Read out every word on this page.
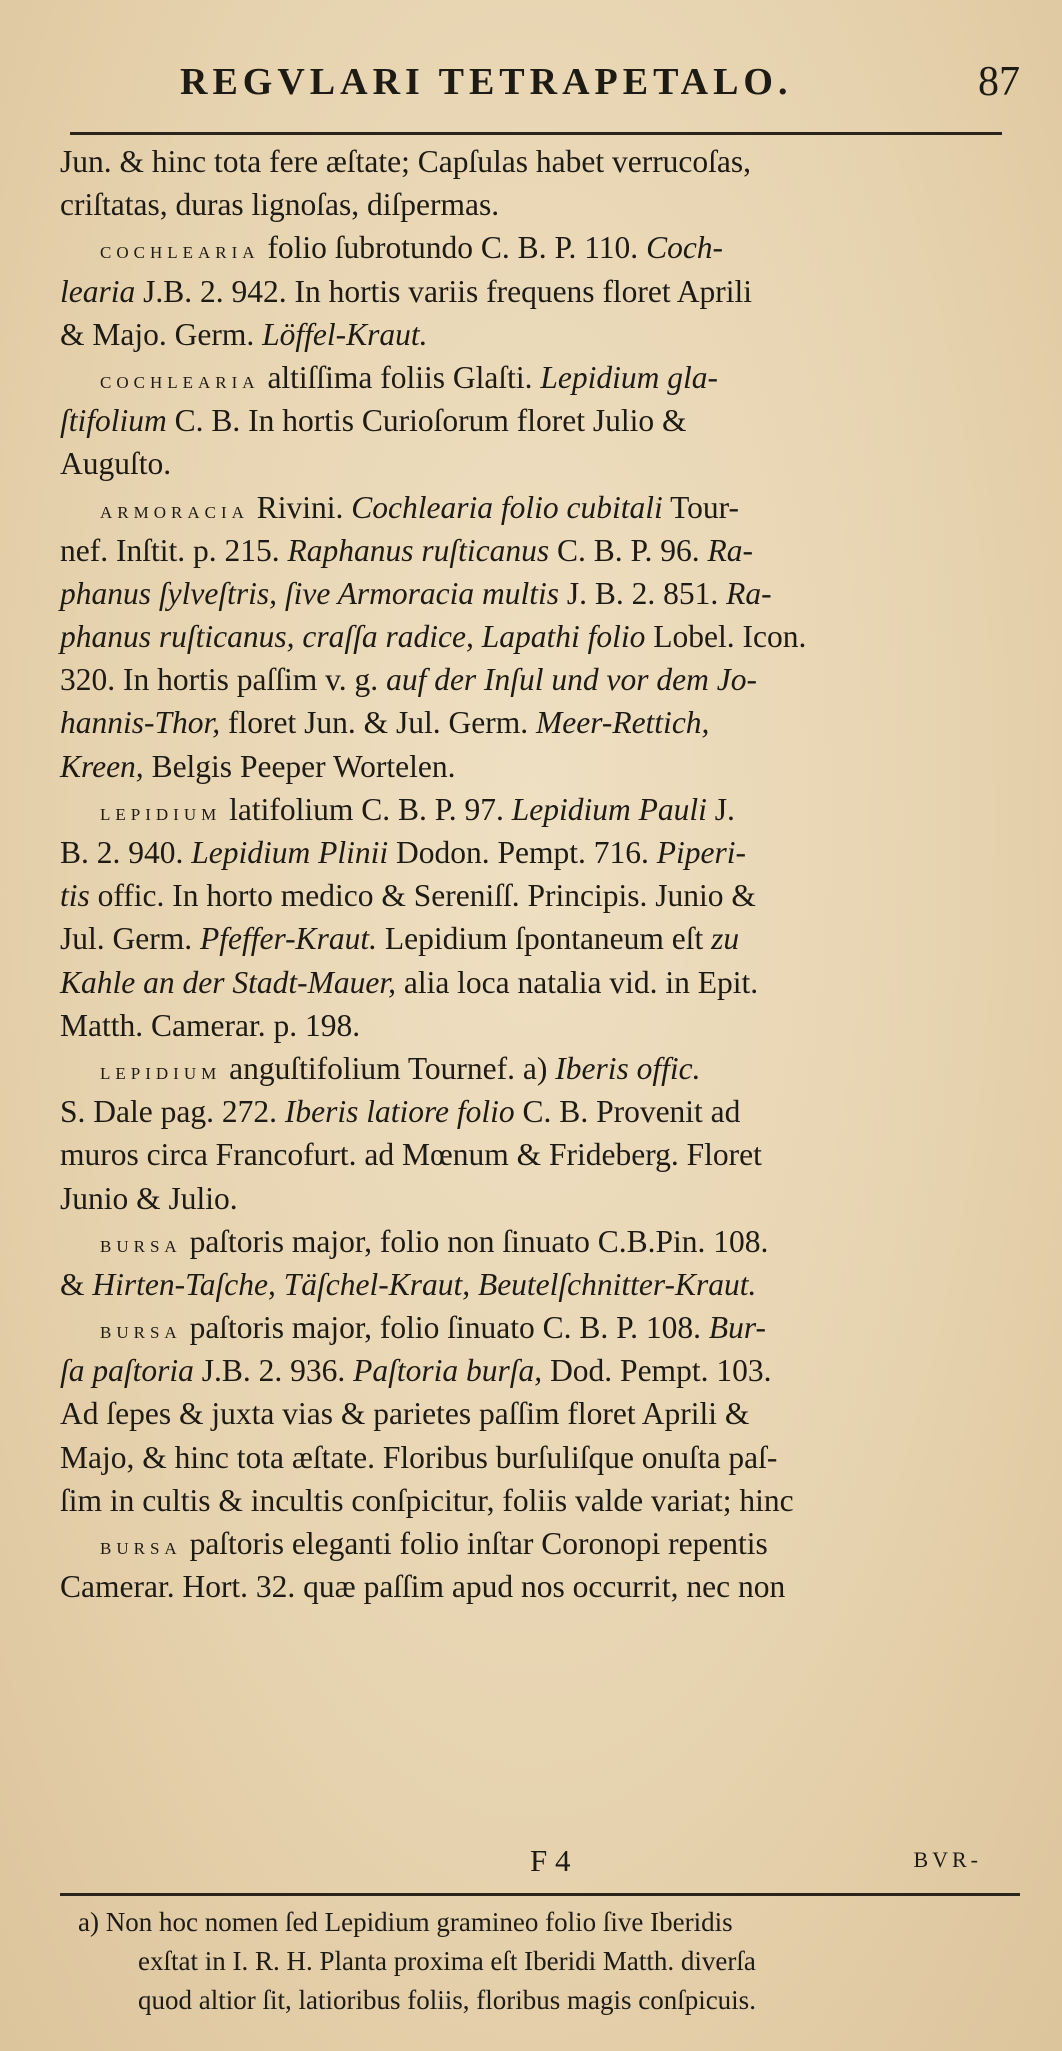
REGVLARI TETRAPETALO.	87
Jun. & hinc tota fere æſtate; Capſulas habet verrucoſas,
criſtatas, duras lignoſas, diſpermas.
cochlearia folio ſubrotundo C. B. P. 110. Coch-
learia J.B. 2. 942. In hortis variis frequens floret Aprili
& Majo. Germ. Löffel-Kraut.
cochlearia altiſſima foliis Glaſti. Lepidium gla-
ſtifolium C. B. In hortis Curioſorum floret Julio &
Auguſto.
armoracia Rivini. Cochlearia folio cubitali Tour-
nef. Inſtit. p. 215. Raphanus ruſticanus C. B. P. 96. Ra-
phanus ſylveſtris, ſive Armoracia multis J. B. 2. 851. Ra-
phanus ruſticanus, craſſa radice, Lapathi folio Lobel. Icon.
320. In hortis paſſim v. g. auf der Inſul und vor dem Jo-
hannis-Thor, floret Jun. & Jul. Germ. Meer-Rettich,
Kreen, Belgis Peeper Wortelen.
lepidium latifolium C. B. P. 97. Lepidium Pauli J.
B. 2. 940. Lepidium Plinii Dodon. Pempt. 716. Piperi-
tis offic. In horto medico & Sereniſſ. Principis. Junio &
Jul. Germ. Pfeffer-Kraut. Lepidium ſpontaneum eſt zu
Kahle an der Stadt-Mauer, alia loca natalia vid. in Epit.
Matth. Camerar. p. 198.
lepidium anguſtifolium Tournef. a) Iberis offic.
S. Dale pag. 272. Iberis latiore folio C. B. Provenit ad
muros circa Francofurt. ad Mœnum & Frideberg. Floret
Junio & Julio.
bursa paſtoris major, folio non ſinuato C.B.Pin. 108.
& Hirten-Taſche, Täſchel-Kraut, Beutelſchnitter-Kraut.
bursa paſtoris major, folio ſinuato C. B. P. 108. Bur-
ſa paſtoria J.B. 2. 936. Paſtoria burſa, Dod. Pempt. 103.
Ad ſepes & juxta vias & parietes paſſim floret Aprili &
Majo, & hinc tota æſtate. Floribus burſuliſque onuſta paſ-
ſim in cultis & incultis conſpicitur, foliis valde variat; hinc
bursa paſtoris eleganti folio inſtar Coronopi repentis
Camerar. Hort. 32. quæ paſſim apud nos occurrit, nec non
F 4	BVR-
a) Non hoc nomen ſed Lepidium gramineo folio ſive Iberidis
exſtat in I. R. H. Planta proxima eſt Iberidi Matth. diverſa
quod altior ſit, latioribus foliis, floribus magis conſpicuis.
